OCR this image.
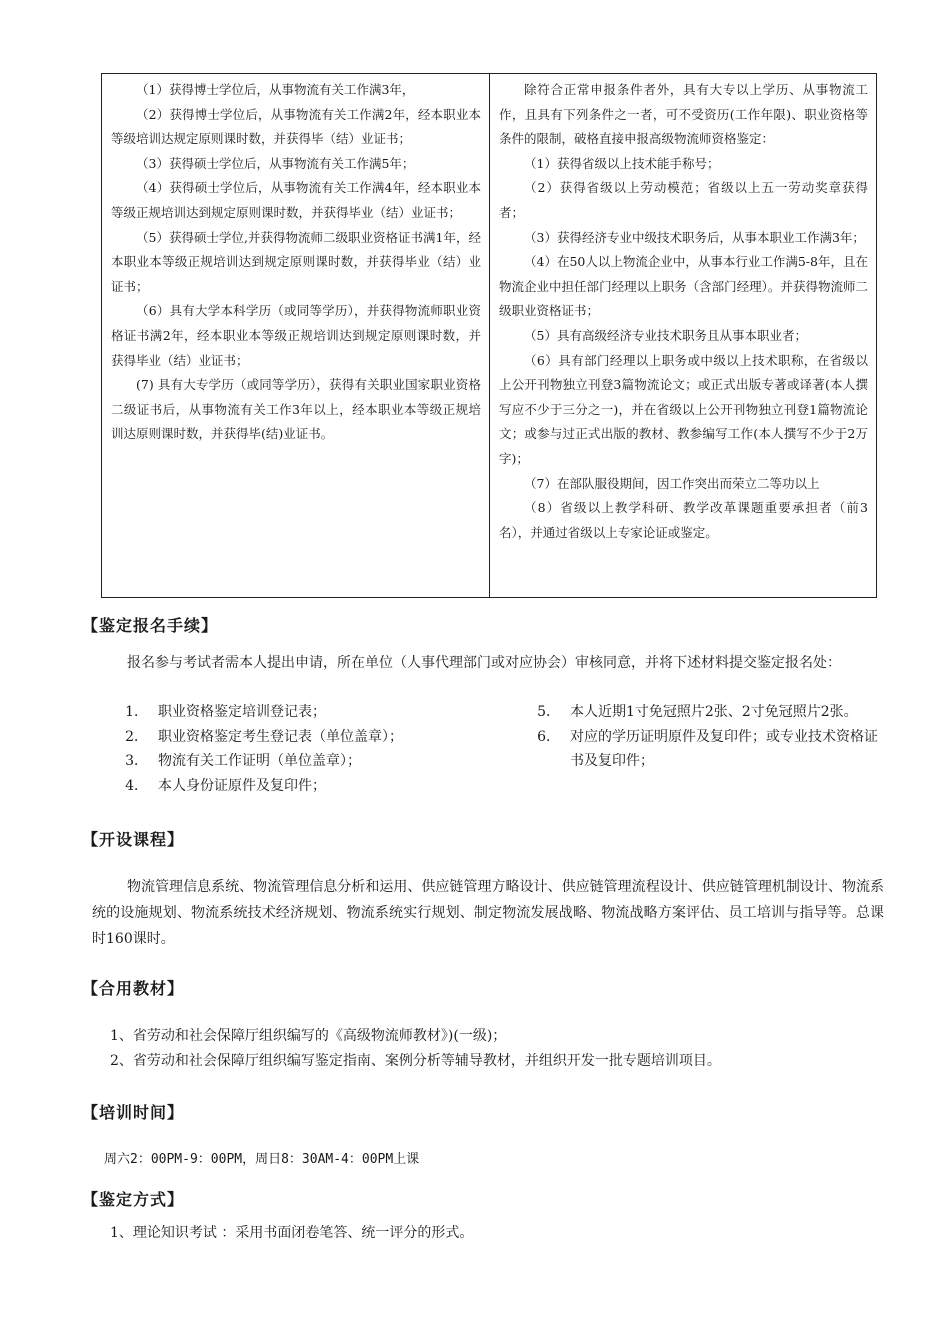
（1）获得博士学位后，从事物流有关工作满3年，

（2）获得博士学位后，从事物流有关工作满2年，经本职业本等级培训达规定原则课时数，并获得毕（结）业证书；

（3）获得硕士学位后，从事物流有关工作满5年；

（4）获得硕士学位后，从事物流有关工作满4年，经本职业本等级正规培训达到规定原则课时数，并获得毕业（结）业证书；

（5）获得硕士学位,并获得物流师二级职业资格证书满1年，经本职业本等级正规培训达到规定原则课时数，并获得毕业（结）业证书；

（6）具有大学本科学历（或同等学历），并获得物流师职业资格证书满2年，经本职业本等级正规培训达到规定原则课时数，并获得毕业（结）业证书；

(7) 具有大专学历（或同等学历），获得有关职业国家职业资格二级证书后，从事物流有关工作3年以上，经本职业本等级正规培训达原则课时数，并获得毕(结)业证书。

除符合正常申报条件者外，具有大专以上学历、从事物流工作，且具有下列条件之一者，可不受资历(工作年限)、职业资格等条件的限制，破格直接申报高级物流师资格鉴定：

（1）获得省级以上技术能手称号；

（2）获得省级以上劳动模范；省级以上五一劳动奖章获得者；

（3）获得经济专业中级技术职务后，从事本职业工作满3年；

（4）在50人以上物流企业中，从事本行业工作满5-8年，且在物流企业中担任部门经理以上职务（含部门经理）。并获得物流师二级职业资格证书；

（5）具有高级经济专业技术职务且从事本职业者；

（6）具有部门经理以上职务或中级以上技术职称，在省级以上公开刊物独立刊登3篇物流论文；或正式出版专著或译著(本人撰写应不少于三分之一)，并在省级以上公开刊物独立刊登1篇物流论文；或参与过正式出版的教材、教参编写工作(本人撰写不少于2万字)；

（7）在部队服役期间，因工作突出而荣立二等功以上

（8）省级以上教学科研、教学改革课题重要承担者（前3名），并通过省级以上专家论证或鉴定。

【鉴定报名手续】

报名参与考试者需本人提出申请，所在单位（人事代理部门或对应协会）审核同意，并将下述材料提交鉴定报名处：

1． 职业资格鉴定培训登记表；
2． 职业资格鉴定考生登记表（单位盖章）；
3． 物流有关工作证明（单位盖章）；
4． 本人身份证原件及复印件；
5． 本人近期1寸免冠照片2张、2寸免冠照片2张。
6． 对应的学历证明原件及复印件；或专业技术资格证书及复印件；
【开设课程】

物流管理信息系统、物流管理信息分析和运用、供应链管理方略设计、供应链管理流程设计、供应链管理机制设计、物流系统的设施规划、物流系统技术经济规划、物流系统实行规划、制定物流发展战略、物流战略方案评估、员工培训与指导等。总课时160课时。

【合用教材】
1、省劳动和社会保障厅组织编写的《高级物流师教材》)(一级)；
2、省劳动和社会保障厅组织编写鉴定指南、案例分析等辅导教材，并组织开发一批专题培训项目。
【培训时间】
周六2：00PM-9：00PM，周日8：30AM-4：00PM上课
【鉴定方式】
1、理论知识考试 ：采用书面闭卷笔答、统一评分的形式。
